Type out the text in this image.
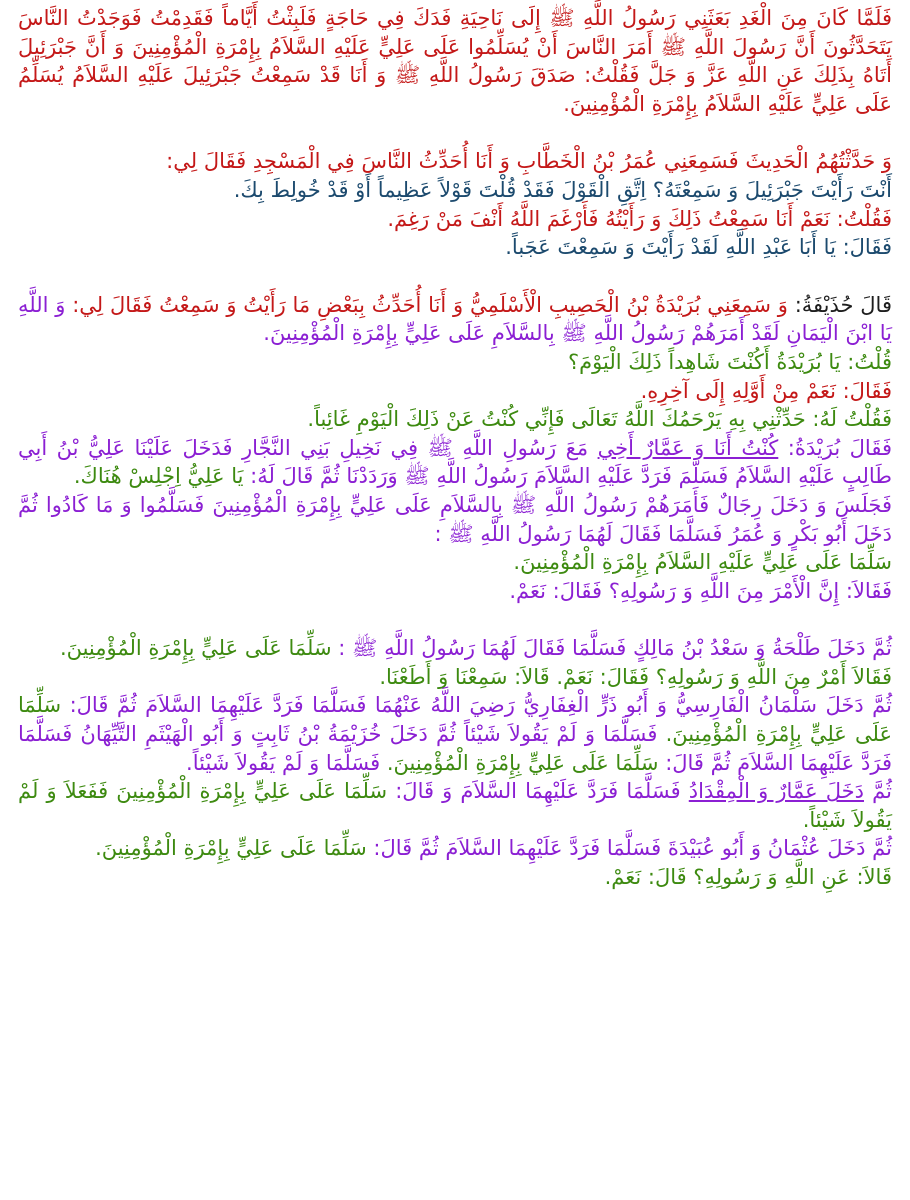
فَلَمَّا كَانَ مِنَ الْغَدِ بَعَثَنِي رَسُولُ اللَّهِ ﷺ إِلَى نَاحِيَةِ فَدَكَ فِي حَاجَةٍ فَلَبِثْتُ أَيَّاماً فَقَدِمْتُ فَوَجَدْتُ النَّاسَ يَتَحَدَّثُونَ أَنَّ رَسُولَ اللَّهِ ﷺ أَمَرَ النَّاسَ أَنْ يُسَلِّمُوا عَلَى عَلِيٍّ عَلَيْهِ السَّلاَمُ بِإِمْرَةِ الْمُؤْمِنِينَ وَ أَنَّ جَبْرَئِيلَ أَتَاهُ بِذَلِكَ عَنِ اللَّهِ عَزَّ وَ جَلَّ فَقُلْتُ: صَدَقَ رَسُولُ اللَّهِ ﷺ وَ أَنَا قَدْ سَمِعْتُ جَبْرَئِيلَ عَلَيْهِ السَّلاَمُ يُسَلِّمُ عَلَى عَلِيٍّ عَلَيْهِ السَّلاَمُ بِإِمْرَةِ الْمُؤْمِنِينَ.

وَ حَدَّثْتُهُمُ الْحَدِيثَ فَسَمِعَنِي عُمَرُ بْنُ الْخَطَّابِ وَ أَنَا أُحَدِّثُ النَّاسَ فِي الْمَسْجِدِ فَقَالَ لِي:

أَنْتَ رَأَيْتَ جَبْرَئِيلَ وَ سَمِعْتَهُ؟ اِتَّقِ الْقَوْلَ فَقَدْ قُلْتَ قَوْلاً عَظِيماً أَوْ قَدْ خُولِطَ بِكَ.

فَقُلْتُ: نَعَمْ أَنَا سَمِعْتُ ذَلِكَ وَ رَأَيْتُهُ فَأَرْغَمَ اللَّهُ أَنْفَ مَنْ رَغِمَ.

فَقَالَ: يَا أَبَا عَبْدِ اللَّهِ لَقَدْ رَأَيْتَ وَ سَمِعْتَ عَجَباً.

قَالَ حُذَيْفَةُ: وَ سَمِعَنِي بُرَيْدَةُ بْنُ الْحَصِيبِ الْأَسْلَمِيُّ وَ أَنَا أُحَدِّثُ بِبَعْضِ مَا رَأَيْتُ وَ سَمِعْتُ فَقَالَ لِي: وَ اللَّهِ يَا ابْنَ الْيَمَانِ لَقَدْ أَمَرَهُمْ رَسُولُ اللَّهِ ﷺ بِالسَّلاَمِ عَلَى عَلِيٍّ بِإِمْرَةِ الْمُؤْمِنِينَ.

قُلْتُ: يَا بُرَيْدَةُ أَكُنْتَ شَاهِداً ذَلِكَ الْيَوْمَ؟

فَقَالَ: نَعَمْ مِنْ أَوَّلِهِ إِلَى آخِرِهِ.

فَقُلْتُ لَهُ: حَدِّثْنِي بِهِ يَرْحَمُكَ اللَّهُ تَعَالَى فَإِنِّي كُنْتُ عَنْ ذَلِكَ الْيَوْمِ غَائِباً.

فَقَالَ بُرَيْدَةُ: كُنْتُ أَنَا وَ عَمَّارٌ أَخِي مَعَ رَسُولِ اللَّهِ ﷺ فِي نَخِيلِ بَنِي النَّجَّارِ فَدَخَلَ عَلَيْنَا عَلِيُّ بْنُ أَبِي طَالِبٍ عَلَيْهِ السَّلاَمُ فَسَلَّمَ فَرَدَّ عَلَيْهِ السَّلاَمَ رَسُولُ اللَّهِ ﷺ وَرَدَدْنَا ثُمَّ قَالَ لَهُ: يَا عَلِيُّ اِجْلِسْ هُنَاكَ.

فَجَلَسَ وَ دَخَلَ رِجَالٌ فَأَمَرَهُمْ رَسُولُ اللَّهِ ﷺ بِالسَّلاَمِ عَلَى عَلِيٍّ بِإِمْرَةِ الْمُؤْمِنِينَ فَسَلَّمُوا وَ مَا كَادُوا ثُمَّ دَخَلَ أَبُو بَكْرٍ وَ عُمَرُ فَسَلَّمَا فَقَالَ لَهُمَا رَسُولُ اللَّهِ ﷺ :

سَلِّمَا عَلَى عَلِيٍّ عَلَيْهِ السَّلاَمُ بِإِمْرَةِ الْمُؤْمِنِينَ.

فَقَالاَ: إِنَّ الْأَمْرَ مِنَ اللَّهِ وَ رَسُولِهِ؟ فَقَالَ: نَعَمْ.

ثُمَّ دَخَلَ طَلْحَةُ وَ سَعْدُ بْنُ مَالِكٍ فَسَلَّمَا فَقَالَ لَهُمَا رَسُولُ اللَّهِ ﷺ : سَلِّمَا عَلَى عَلِيٍّ بِإِمْرَةِ الْمُؤْمِنِينَ.

فَقَالاَ أَمْرٌ مِنَ اللَّهِ وَ رَسُولِهِ؟ فَقَالَ: نَعَمْ. قَالاَ: سَمِعْنَا وَ أَطَعْنَا.

ثُمَّ دَخَلَ سَلْمَانُ الْفَارِسِيُّ وَ أَبُو ذَرٍّ الْغِفَارِيُّ رَضِيَ اللَّهُ عَنْهُمَا فَسَلَّمَا فَرَدَّ عَلَيْهِمَا السَّلاَمَ ثُمَّ قَالَ: سَلِّمَا عَلَى عَلِيٍّ بِإِمْرَةِ الْمُؤْمِنِينَ. فَسَلَّمَا وَ لَمْ يَقُولاَ شَيْئاً ثُمَّ دَخَلَ خُزَيْمَةُ بْنُ ثَابِتٍ وَ أَبُو الْهَيْثَمِ التَّيِّهَانُ فَسَلَّمَا فَرَدَّ عَلَيْهِمَا السَّلاَمَ ثُمَّ قَالَ: سَلِّمَا عَلَى عَلِيٍّ بِإِمْرَةِ الْمُؤْمِنِينَ. فَسَلَّمَا وَ لَمْ يَقُولاَ شَيْئاً.

ثُمَّ دَخَلَ عَمَّارٌ وَ الْمِقْدَادُ فَسَلَّمَا فَرَدَّ عَلَيْهِمَا السَّلاَمَ وَ قَالَ: سَلِّمَا عَلَى عَلِيٍّ بِإِمْرَةِ الْمُؤْمِنِينَ فَفَعَلاَ وَ لَمْ يَقُولاَ شَيْئاً.

ثُمَّ دَخَلَ عُثْمَانُ وَ أَبُو عُبَيْدَةَ فَسَلَّمَا فَرَدَّ عَلَيْهِمَا السَّلاَمَ ثُمَّ قَالَ: سَلِّمَا عَلَى عَلِيٍّ بِإِمْرَةِ الْمُؤْمِنِينَ.

قَالاَ: عَنِ اللَّهِ وَ رَسُولِهِ؟ قَالَ: نَعَمْ.
